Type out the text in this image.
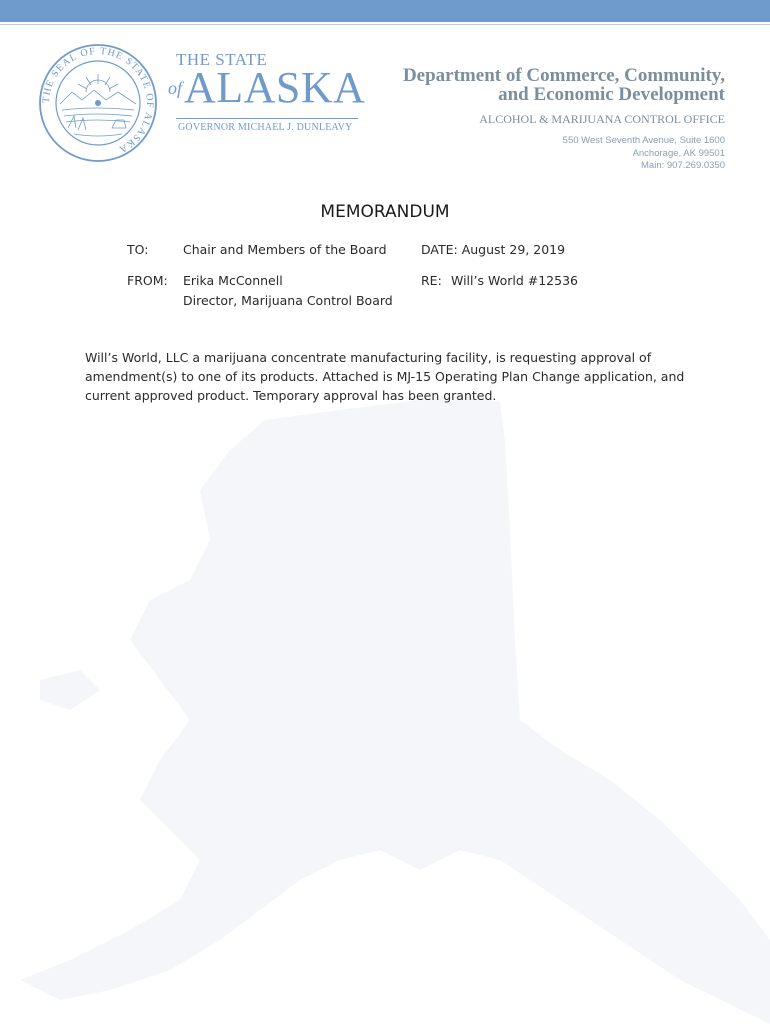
THE SEAL OF THE STATE OF ALASKA
THE STATE
of ALASKA
GOVERNOR MICHAEL J. DUNLEAVY
Department of Commerce, Community,
and Economic Development
ALCOHOL & MARIJUANA CONTROL OFFICE
550 West Seventh Avenue, Suite 1600
Anchorage, AK 99501
Main: 907.269.0350
MEMORANDUM
TO:	Chair and Members of the Board	DATE: August 29, 2019
FROM: Erika McConnell
Director, Marijuana Control Board
RE: Will’s World #12536
Will’s World, LLC a marijuana concentrate manufacturing facility, is requesting approval of amendment(s) to one of its products. Attached is MJ-15 Operating Plan Change application, and current approved product. Temporary approval has been granted.
